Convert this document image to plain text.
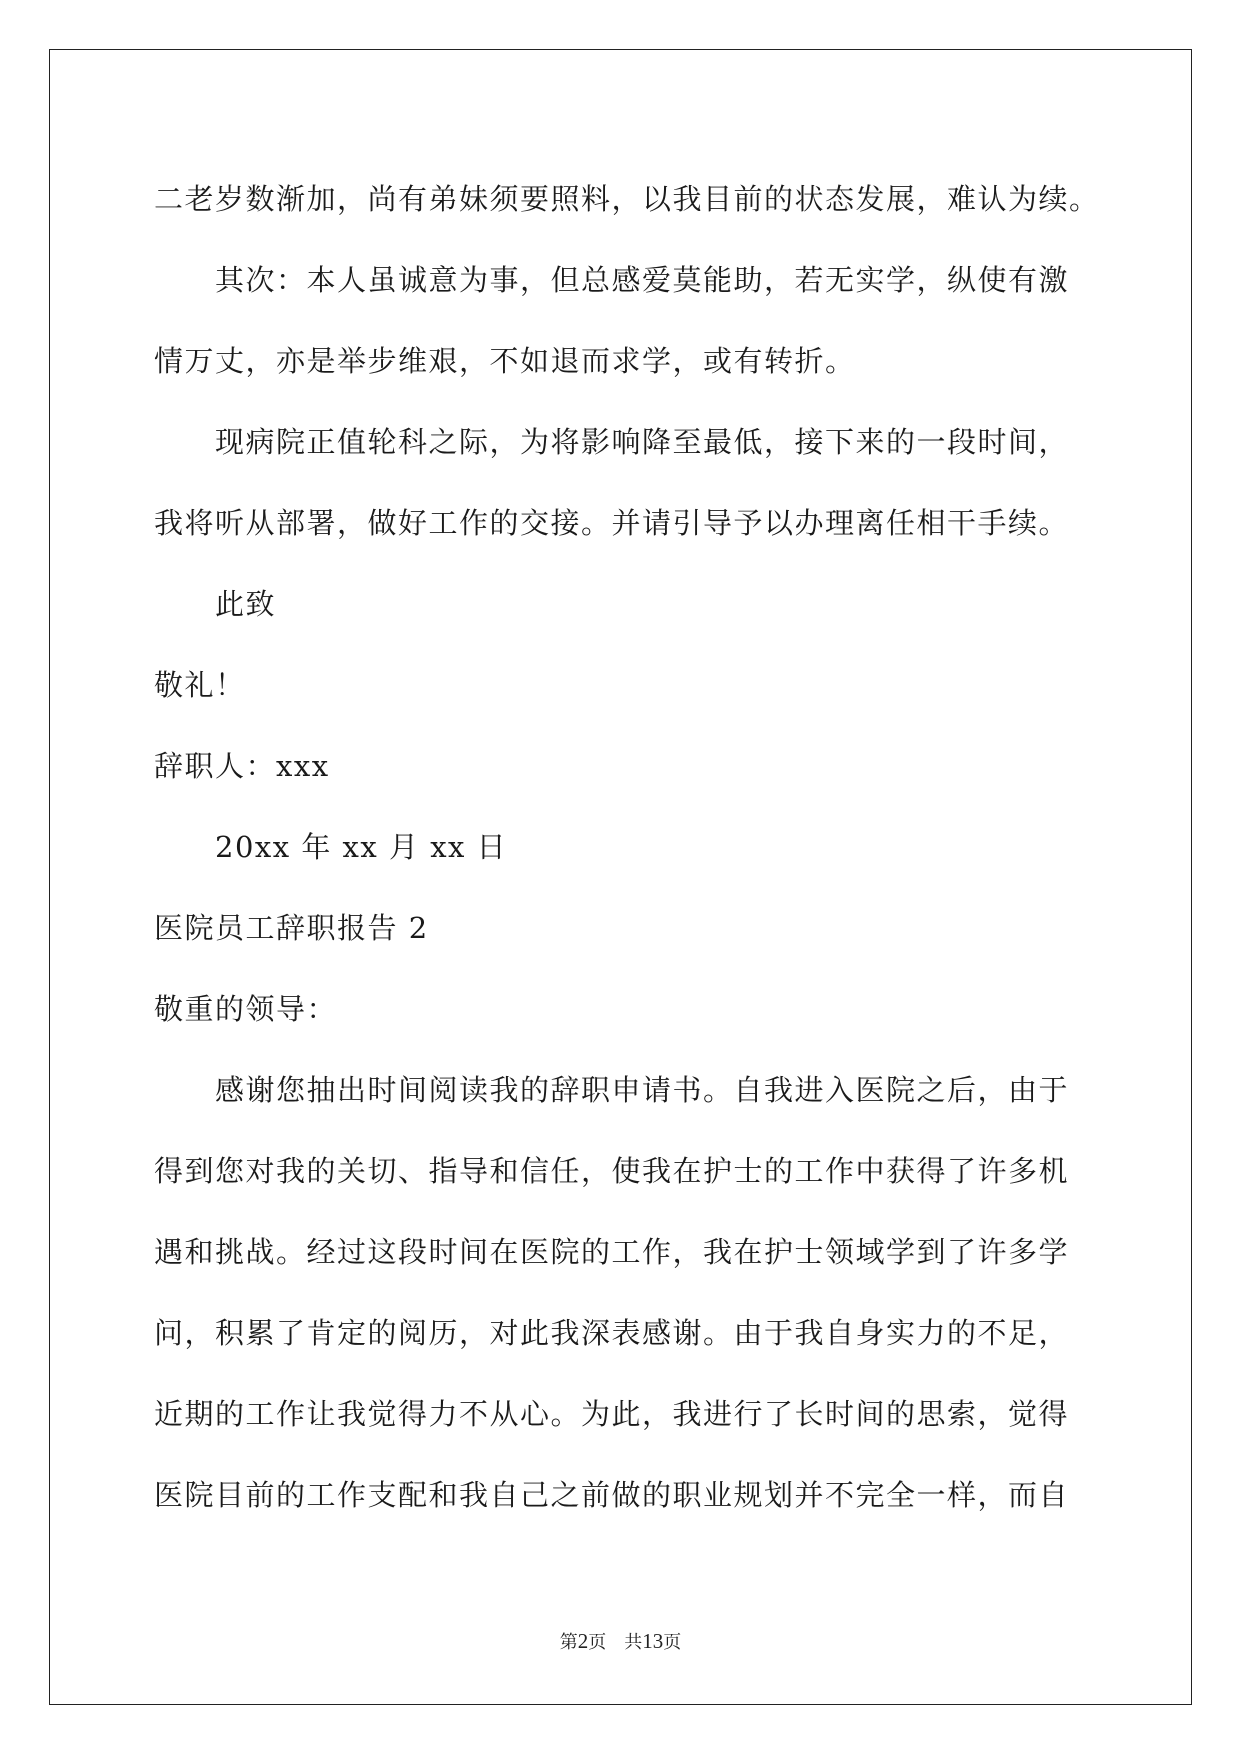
二老岁数渐加，尚有弟妹须要照料，以我目前的状态发展，难认为续。
其次：本人虽诚意为事，但总感爱莫能助，若无实学，纵使有激
情万丈，亦是举步维艰，不如退而求学，或有转折。
现病院正值轮科之际，为将影响降至最低，接下来的一段时间，
我将听从部署，做好工作的交接。并请引导予以办理离任相干手续。
此致
敬礼！
辞职人：xxx
20xx 年 xx 月 xx 日
医院员工辞职报告 2
敬重的领导：
感谢您抽出时间阅读我的辞职申请书。自我进入医院之后，由于
得到您对我的关切、指导和信任，使我在护士的工作中获得了许多机
遇和挑战。经过这段时间在医院的工作，我在护士领域学到了许多学
问，积累了肯定的阅历，对此我深表感谢。由于我自身实力的不足，
近期的工作让我觉得力不从心。为此，我进行了长时间的思索，觉得
医院目前的工作支配和我自己之前做的职业规划并不完全一样，而自
第2页 共13页
